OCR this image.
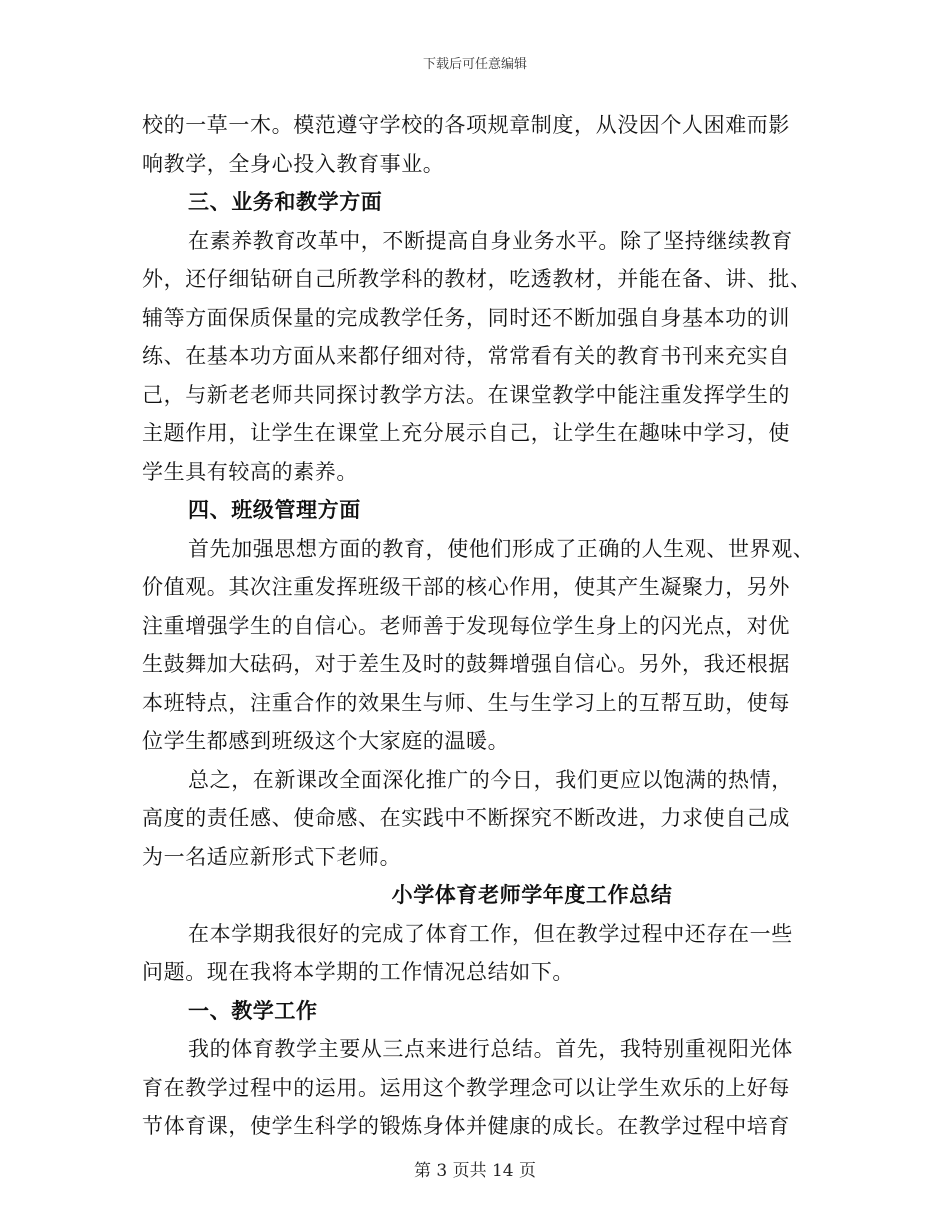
下载后可任意编辑
校的一草一木。模范遵守学校的各项规章制度，从没因个人困难而影
响教学，全身心投入教育事业。
三、业务和教学方面
在素养教育改革中，不断提高自身业务水平。除了坚持继续教育
外，还仔细钻研自己所教学科的教材，吃透教材，并能在备、讲、批、
辅等方面保质保量的完成教学任务，同时还不断加强自身基本功的训
练、在基本功方面从来都仔细对待，常常看有关的教育书刊来充实自
己，与新老老师共同探讨教学方法。在课堂教学中能注重发挥学生的
主题作用，让学生在课堂上充分展示自己，让学生在趣味中学习，使
学生具有较高的素养。
四、班级管理方面
首先加强思想方面的教育，使他们形成了正确的人生观、世界观、
价值观。其次注重发挥班级干部的核心作用，使其产生凝聚力，另外
注重增强学生的自信心。老师善于发现每位学生身上的闪光点，对优
生鼓舞加大砝码，对于差生及时的鼓舞增强自信心。另外，我还根据
本班特点，注重合作的效果生与师、生与生学习上的互帮互助，使每
位学生都感到班级这个大家庭的温暖。
总之，在新课改全面深化推广的今日，我们更应以饱满的热情，
高度的责任感、使命感、在实践中不断探究不断改进，力求使自己成
为一名适应新形式下老师。
小学体育老师学年度工作总结
在本学期我很好的完成了体育工作，但在教学过程中还存在一些
问题。现在我将本学期的工作情况总结如下。
一、教学工作
我的体育教学主要从三点来进行总结。首先，我特别重视阳光体
育在教学过程中的运用。运用这个教学理念可以让学生欢乐的上好每
节体育课，使学生科学的锻炼身体并健康的成长。在教学过程中培育
第 3 页共 14 页
